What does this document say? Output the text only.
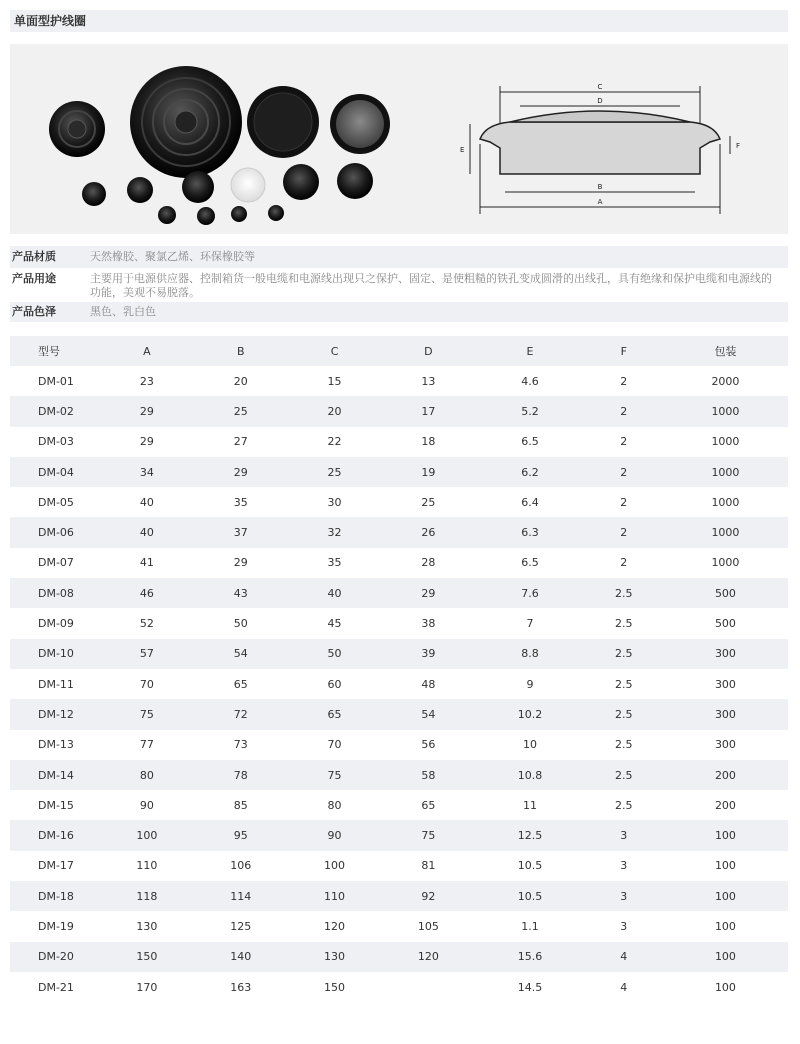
单面型护线圈
C
D
E	F
B
A
产品材质	天然橡胶、聚氯乙烯、环保橡胶等
产品用途	主要用于电源供应器、控制箱货一般电缆和电源线出现只之保护、固定、是使粗糙的铁孔变成圆滑的出线孔，具有绝缘和保护电缆和电源线的功能，美观不易脱落。
产品色泽	黑色、乳白色
型号	A	B	C	D	E	F	包装
DM-01	23	20	15	13	4.6	2	2000
DM-02	29	25	20	17	5.2	2	1000
DM-03	29	27	22	18	6.5	2	1000
DM-04	34	29	25	19	6.2	2	1000
DM-05	40	35	30	25	6.4	2	1000
DM-06	40	37	32	26	6.3	2	1000
DM-07	41	29	35	28	6.5	2	1000
DM-08	46	43	40	29	7.6	2.5	500
DM-09	52	50	45	38	7	2.5	500
DM-10	57	54	50	39	8.8	2.5	300
DM-11	70	65	60	48	9	2.5	300
DM-12	75	72	65	54	10.2	2.5	300
DM-13	77	73	70	56	10	2.5	300
DM-14	80	78	75	58	10.8	2.5	200
DM-15	90	85	80	65	11	2.5	200
DM-16	100	95	90	75	12.5	3	100
DM-17	110	106	100	81	10.5	3	100
DM-18	118	114	110	92	10.5	3	100
DM-19	130	125	120	105	1.1	3	100
DM-20	150	140	130	120	15.6	4	100
DM-21	170	163	150		14.5	4	100
